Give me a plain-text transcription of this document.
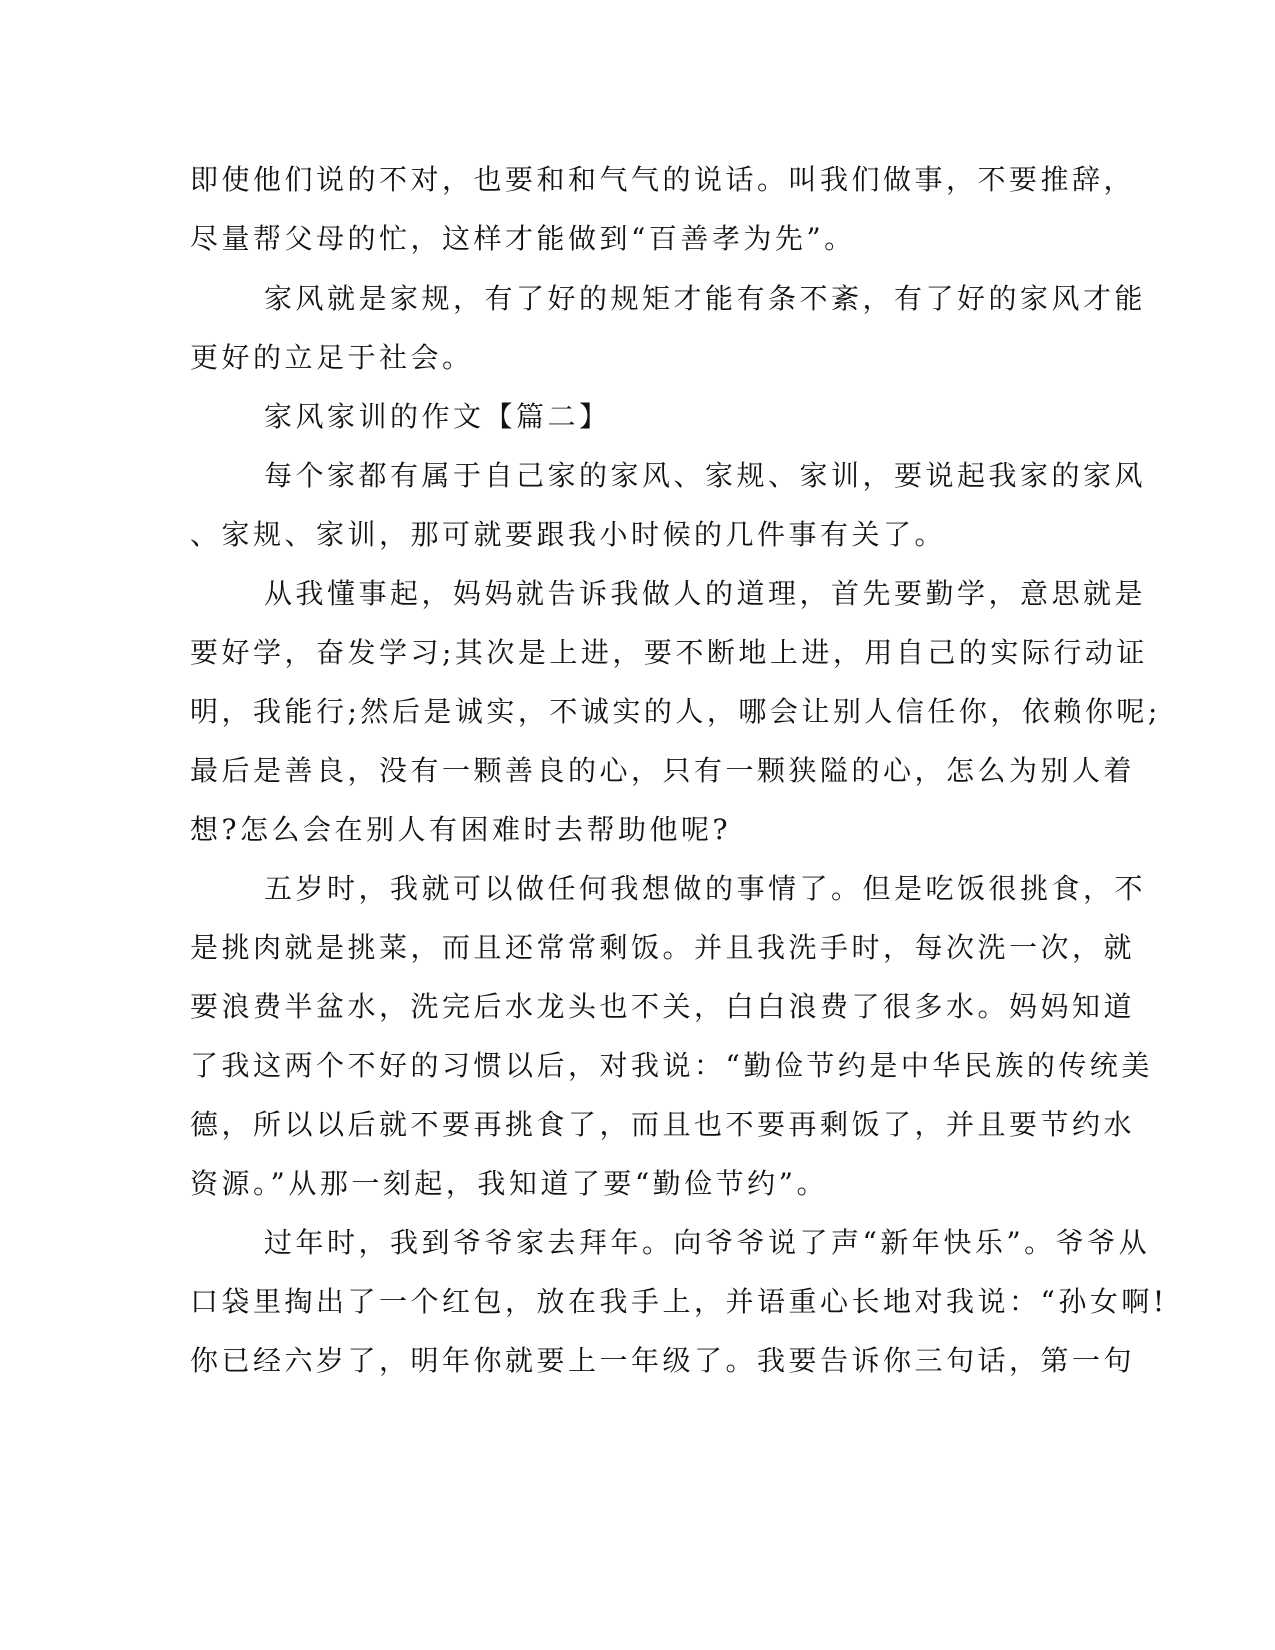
即使他们说的不对，也要和和气气的说话。叫我们做事，不要推辞，
尽量帮父母的忙，这样才能做到“百善孝为先”。
家风就是家规，有了好的规矩才能有条不紊，有了好的家风才能
更好的立足于社会。
家风家训的作文【篇二】
每个家都有属于自己家的家风、家规、家训，要说起我家的家风
、家规、家训，那可就要跟我小时候的几件事有关了。
从我懂事起，妈妈就告诉我做人的道理，首先要勤学，意思就是
要好学，奋发学习;其次是上进，要不断地上进，用自己的实际行动证
明，我能行;然后是诚实，不诚实的人，哪会让别人信任你，依赖你呢;
最后是善良，没有一颗善良的心，只有一颗狭隘的心，怎么为别人着
想?怎么会在别人有困难时去帮助他呢?
五岁时，我就可以做任何我想做的事情了。但是吃饭很挑食，不
是挑肉就是挑菜，而且还常常剩饭。并且我洗手时，每次洗一次，就
要浪费半盆水，洗完后水龙头也不关，白白浪费了很多水。妈妈知道
了我这两个不好的习惯以后，对我说：“勤俭节约是中华民族的传统美
德，所以以后就不要再挑食了，而且也不要再剩饭了，并且要节约水
资源。”从那一刻起，我知道了要“勤俭节约”。
过年时，我到爷爷家去拜年。向爷爷说了声“新年快乐”。爷爷从
口袋里掏出了一个红包，放在我手上，并语重心长地对我说：“孙女啊!
你已经六岁了，明年你就要上一年级了。我要告诉你三句话，第一句
